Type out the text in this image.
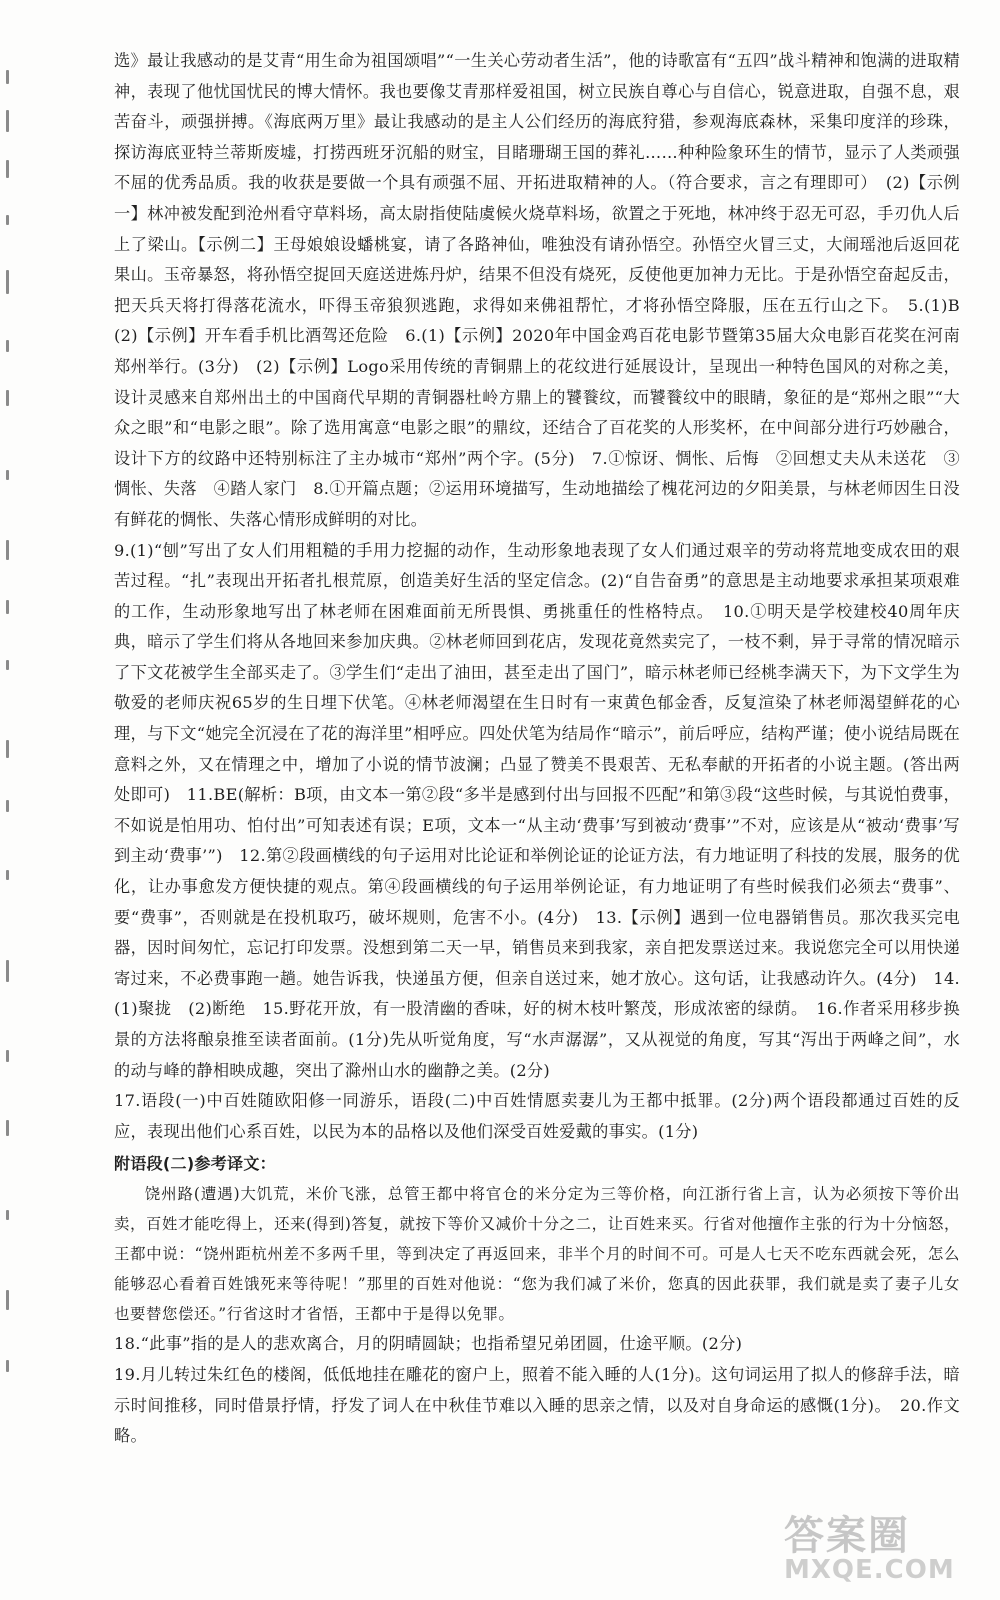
选》最让我感动的是艾青“用生命为祖国颂唱”“一生关心劳动者生活”，他的诗歌富有“五四”战斗精神和饱满的进取精神，表现了他忧国忧民的博大情怀。我也要像艾青那样爱祖国，树立民族自尊心与自信心，锐意进取，自强不息，艰苦奋斗，顽强拼搏。《海底两万里》最让我感动的是主人公们经历的海底狩猎，参观海底森林，采集印度洋的珍珠，探访海底亚特兰蒂斯废墟，打捞西班牙沉船的财宝，目睹珊瑚王国的葬礼……种种险象环生的情节，显示了人类顽强不屈的优秀品质。我的收获是要做一个具有顽强不屈、开拓进取精神的人。（符合要求，言之有理即可）　(2)【示例一】林冲被发配到沧州看守草料场，高太尉指使陆虞候火烧草料场，欲置之于死地，林冲终于忍无可忍，手刃仇人后上了梁山。【示例二】王母娘娘设蟠桃宴，请了各路神仙，唯独没有请孙悟空。孙悟空火冒三丈，大闹瑶池后返回花果山。玉帝暴怒，将孙悟空捉回天庭送进炼丹炉，结果不但没有烧死，反使他更加神力无比。于是孙悟空奋起反击，把天兵天将打得落花流水，吓得玉帝狼狈逃跑，求得如来佛祖帮忙，才将孙悟空降服，压在五行山之下。　5.(1)B　(2)【示例】开车看手机比酒驾还危险　6.(1)【示例】2020年中国金鸡百花电影节暨第35届大众电影百花奖在河南郑州举行。(3分)　(2)【示例】Logo采用传统的青铜鼎上的花纹进行延展设计，呈现出一种特色国风的对称之美，设计灵感来自郑州出土的中国商代早期的青铜器杜岭方鼎上的饕餮纹，而饕餮纹中的眼睛，象征的是“郑州之眼”“大众之眼”和“电影之眼”。除了选用寓意“电影之眼”的鼎纹，还结合了百花奖的人形奖杯，在中间部分进行巧妙融合，设计下方的纹路中还特别标注了主办城市“郑州”两个字。(5分)　7.①惊讶、惆怅、后悔　②回想丈夫从未送花　③惆怅、失落　④踏人家门　8.①开篇点题；②运用环境描写，生动地描绘了槐花河边的夕阳美景，与林老师因生日没有鲜花的惆怅、失落心情形成鲜明的对比。

9.(1)“刨”写出了女人们用粗糙的手用力挖掘的动作，生动形象地表现了女人们通过艰辛的劳动将荒地变成农田的艰苦过程。“扎”表现出开拓者扎根荒原，创造美好生活的坚定信念。(2)“自告奋勇”的意思是主动地要求承担某项艰难的工作，生动形象地写出了林老师在困难面前无所畏惧、勇挑重任的性格特点。　10.①明天是学校建校40周年庆典，暗示了学生们将从各地回来参加庆典。②林老师回到花店，发现花竟然卖完了，一枝不剩，异于寻常的情况暗示了下文花被学生全部买走了。③学生们“走出了油田，甚至走出了国门”，暗示林老师已经桃李满天下，为下文学生为敬爱的老师庆祝65岁的生日埋下伏笔。④林老师渴望在生日时有一束黄色郁金香，反复渲染了林老师渴望鲜花的心理，与下文“她完全沉浸在了花的海洋里”相呼应。四处伏笔为结局作“暗示”，前后呼应，结构严谨；使小说结局既在意料之外，又在情理之中，增加了小说的情节波澜；凸显了赞美不畏艰苦、无私奉献的开拓者的小说主题。(答出两处即可)　11.BE(解析：B项，由文本一第②段“多半是感到付出与回报不匹配”和第③段“这些时候，与其说怕费事，不如说是怕用功、怕付出”可知表述有误；E项，文本一“从主动‘费事’写到被动‘费事’”不对，应该是从“被动‘费事’写到主动‘费事’”)　12.第②段画横线的句子运用对比论证和举例论证的论证方法，有力地证明了科技的发展，服务的优化，让办事愈发方便快捷的观点。第④段画横线的句子运用举例论证，有力地证明了有些时候我们必须去“费事”、要“费事”，否则就是在投机取巧，破坏规则，危害不小。(4分)　13.【示例】遇到一位电器销售员。那次我买完电器，因时间匆忙，忘记打印发票。没想到第二天一早，销售员来到我家，亲自把发票送过来。我说您完全可以用快递寄过来，不必费事跑一趟。她告诉我，快递虽方便，但亲自送过来，她才放心。这句话，让我感动许久。(4分)　14.(1)聚拢　(2)断绝　15.野花开放，有一股清幽的香味，好的树木枝叶繁茂，形成浓密的绿荫。　16.作者采用移步换景的方法将酿泉推至读者面前。(1分)先从听觉角度，写“水声潺潺”，又从视觉的角度，写其“泻出于两峰之间”，水的动与峰的静相映成趣，突出了滁州山水的幽静之美。(2分)

17.语段(一)中百姓随欧阳修一同游乐，语段(二)中百姓情愿卖妻儿为王都中抵罪。(2分)两个语段都通过百姓的反应，表现出他们心系百姓，以民为本的品格以及他们深受百姓爱戴的事实。(1分)

附语段(二)参考译文：

饶州路(遭遇)大饥荒，米价飞涨，总管王都中将官仓的米分定为三等价格，向江浙行省上言，认为必须按下等价出卖，百姓才能吃得上，还来(得到)答复，就按下等价又减价十分之二，让百姓来买。行省对他擅作主张的行为十分恼怒，王都中说：“饶州距杭州差不多两千里，等到决定了再返回来，非半个月的时间不可。可是人七天不吃东西就会死，怎么能够忍心看着百姓饿死来等待呢！”那里的百姓对他说：“您为我们减了米价，您真的因此获罪，我们就是卖了妻子儿女也要替您偿还。”行省这时才省悟，王都中于是得以免罪。

18.“此事”指的是人的悲欢离合，月的阴晴圆缺；也指希望兄弟团圆，仕途平顺。(2分)

19.月儿转过朱红色的楼阁，低低地挂在雕花的窗户上，照着不能入睡的人(1分)。这句词运用了拟人的修辞手法，暗示时间推移，同时借景抒情，抒发了词人在中秋佳节难以入睡的思亲之情，以及对自身命运的感慨(1分)。　20.作文略。

答案圈
MXQE.COM
